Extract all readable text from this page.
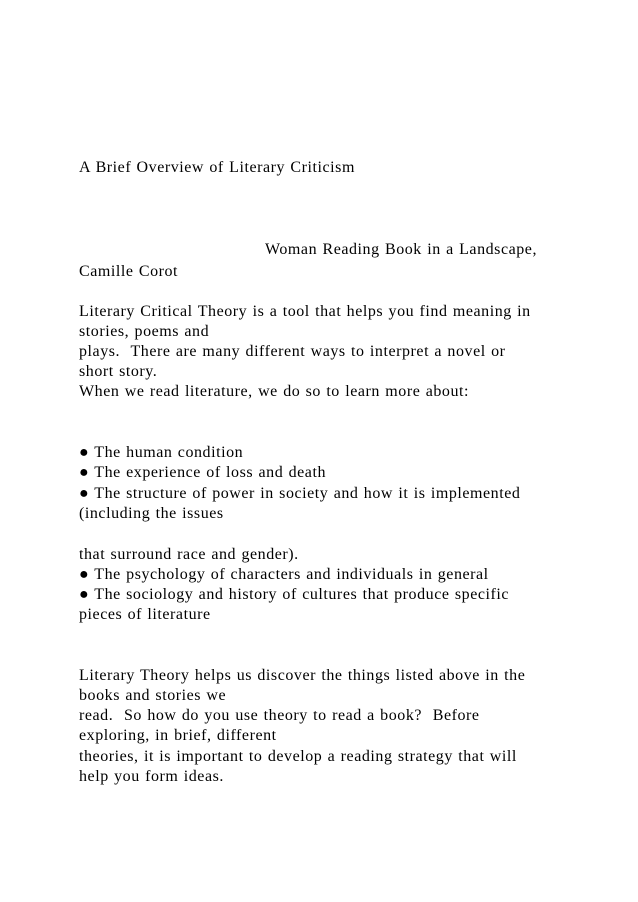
A Brief Overview of Literary Criticism

Woman Reading Book in a Landscape,

Camille Corot

Literary Critical Theory is a tool that helps you find meaning in

stories, poems and

plays.  There are many different ways to interpret a novel or

short story.

When we read literature, we do so to learn more about:

● The human condition

● The experience of loss and death

● The structure of power in society and how it is implemented

(including the issues

that surround race and gender).

● The psychology of characters and individuals in general

● The sociology and history of cultures that produce specific

pieces of literature

Literary Theory helps us discover the things listed above in the

books and stories we

read.  So how do you use theory to read a book?  Before

exploring, in brief, different

theories, it is important to develop a reading strategy that will

help you form ideas.
